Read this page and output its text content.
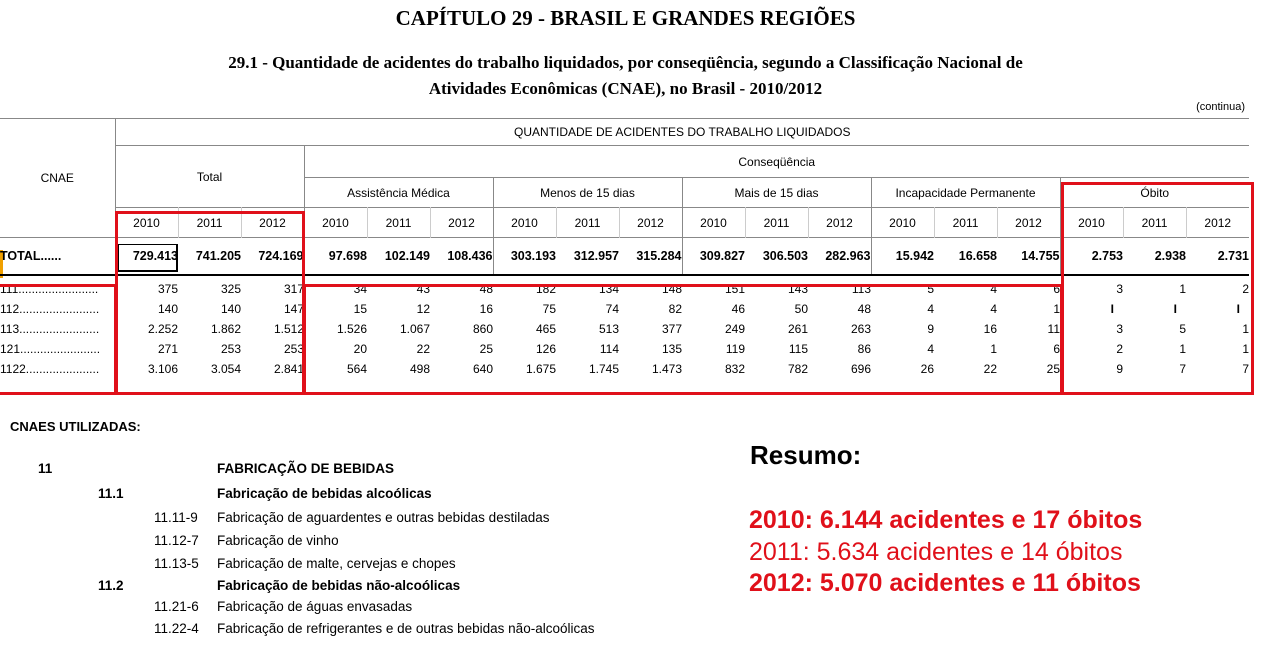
CAPÍTULO 29 - BRASIL E GRANDES REGIÕES
29.1 - Quantidade de acidentes do trabalho liquidados, por conseqüência, segundo a Classificação Nacional de
Atividades Econômicas (CNAE), no Brasil - 2010/2012
(continua)
CNAE	QUANTIDADE DE ACIDENTES DO TRABALHO LIQUIDADOS																	
	Total			Conseqüência														
				Assistência Médica			Menos de 15 dias			Mais de 15 dias			Incapacidade Permanente			Óbito		
	2010	2011	2012	2010	2011	2012	2010	2011	2012	2010	2011	2012	2010	2011	2012	2010	2011	2012
TOTAL......	729.413	741.205	724.169	97.698	102.149	108.436	303.193	312.957	315.284	309.827	306.503	282.963	15.942	16.658	14.755	2.753	2.938	2.731

111........................	375	325	317	34	43	48	182	134	148	151	143	113	5	4	6	3	1	2
112........................	140	140	147	15	12	16	75	74	82	46	50	48	4	4	1	I	I	I
113........................	2.252	1.862	1.512	1.526	1.067	860	465	513	377	249	261	263	9	16	11	3	5	1
121........................	271	253	253	20	22	25	126	114	135	119	115	86	4	1	6	2	1	1
1122......................	3.106	3.054	2.841	564	498	640	1.675	1.745	1.473	832	782	696	26	22	25	9	7	7
CNAES UTILIZADAS:
11	FABRICAÇÃO DE BEBIDAS
11.1	Fabricação de bebidas alcoólicas
11.11-9 Fabricação de aguardentes e outras bebidas destiladas
11.12-7 Fabricação de vinho
11.13-5 Fabricação de malte, cervejas e chopes
11.2	Fabricação de bebidas não-alcoólicas
11.21-6 Fabricação de águas envasadas
11.22-4 Fabricação de refrigerantes e de outras bebidas não-alcoólicas
Resumo:
2010: 6.144 acidentes e 17 óbitos
2011: 5.634 acidentes e 14 óbitos
2012: 5.070 acidentes e 11 óbitos
